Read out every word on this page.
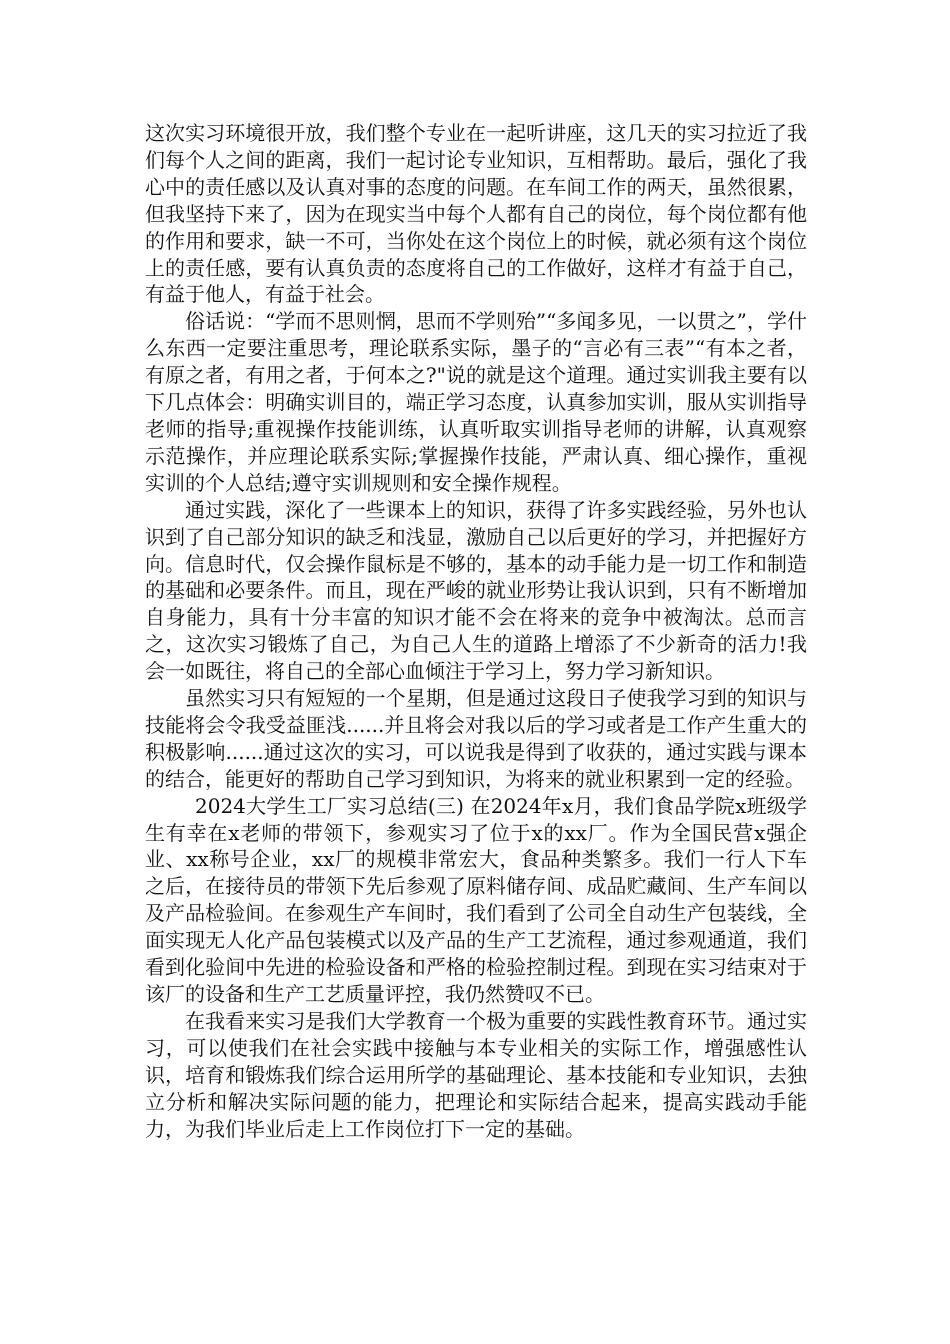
这次实习环境很开放，我们整个专业在一起听讲座，这几天的实习拉近了我们每个人之间的距离，我们一起讨论专业知识，互相帮助。最后，强化了我心中的责任感以及认真对事的态度的问题。在车间工作的两天，虽然很累，但我坚持下来了，因为在现实当中每个人都有自己的岗位，每个岗位都有他的作用和要求，缺一不可，当你处在这个岗位上的时候，就必须有这个岗位上的责任感，要有认真负责的态度将自己的工作做好，这样才有益于自己，有益于他人，有益于社会。

俗话说：“学而不思则惘，思而不学则殆”“多闻多见，一以贯之”，学什么东西一定要注重思考，理论联系实际，墨子的“言必有三表”“有本之者，有原之者，有用之者，于何本之?"说的就是这个道理。通过实训我主要有以下几点体会：明确实训目的，端正学习态度，认真参加实训，服从实训指导老师的指导;重视操作技能训练，认真听取实训指导老师的讲解，认真观察示范操作，并应理论联系实际;掌握操作技能，严肃认真、细心操作，重视实训的个人总结;遵守实训规则和安全操作规程。

通过实践，深化了一些课本上的知识，获得了许多实践经验，另外也认识到了自己部分知识的缺乏和浅显，激励自己以后更好的学习，并把握好方向。信息时代，仅会操作鼠标是不够的，基本的动手能力是一切工作和制造的基础和必要条件。而且，现在严峻的就业形势让我认识到，只有不断增加自身能力，具有十分丰富的知识才能不会在将来的竞争中被淘汰。总而言之，这次实习锻炼了自己，为自己人生的道路上增添了不少新奇的活力!我会一如既往，将自己的全部心血倾注于学习上，努力学习新知识。

虽然实习只有短短的一个星期，但是通过这段日子使我学习到的知识与技能将会令我受益匪浅......并且将会对我以后的学习或者是工作产生重大的积极影响......通过这次的实习，可以说我是得到了收获的，通过实践与课本的结合，能更好的帮助自己学习到知识，为将来的就业积累到一定的经验。

2024大学生工厂实习总结(三) 在2024年x月，我们食品学院x班级学生有幸在x老师的带领下，参观实习了位于x的xx厂。作为全国民营x强企业、xx称号企业，xx厂的规模非常宏大，食品种类繁多。我们一行人下车之后，在接待员的带领下先后参观了原料储存间、成品贮藏间、生产车间以及产品检验间。在参观生产车间时，我们看到了公司全自动生产包装线，全面实现无人化产品包装模式以及产品的生产工艺流程，通过参观通道，我们看到化验间中先进的检验设备和严格的检验控制过程。到现在实习结束对于该厂的设备和生产工艺质量评控，我仍然赞叹不已。

在我看来实习是我们大学教育一个极为重要的实践性教育环节。通过实习，可以使我们在社会实践中接触与本专业相关的实际工作，增强感性认识，培育和锻炼我们综合运用所学的基础理论、基本技能和专业知识，去独立分析和解决实际问题的能力，把理论和实际结合起来，提高实践动手能力，为我们毕业后走上工作岗位打下一定的基础。
